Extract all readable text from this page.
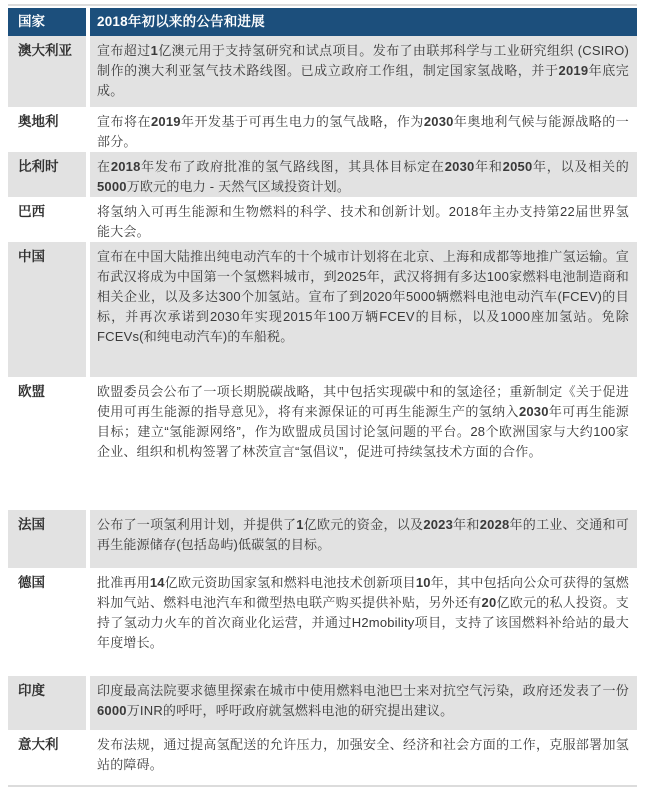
国家	2018年初以来的公告和进展
澳大利亚	宣布超过1亿澳元用于支持氢研究和试点项目。发布了由联邦科学与工业研究组织 (CSIRO) 制作的澳大利亚氢气技术路线图。已成立政府工作组，制定国家氢战略，并于2019年底完成。
奥地利	宣布将在2019年开发基于可再生电力的氢气战略，作为2030年奥地利气候与能源战略的一部分。
比利时	在2018年发布了政府批准的氢气路线图，其具体目标定在2030年和2050年，以及相关的5000万欧元的电力 - 天然气区域投资计划。
巴西	将氢纳入可再生能源和生物燃料的科学、技术和创新计划。2018年主办支持第22届世界氢能大会。
中国	宣布在中国大陆推出纯电动汽车的十个城市计划将在北京、上海和成都等地推广氢运输。宣布武汉将成为中国第一个氢燃料城市，到2025年，武汉将拥有多达100家燃料电池制造商和相关企业，以及多达300个加氢站。宣布了到2020年5000辆燃料电池电动汽车(FCEV)的目标，并再次承诺到2030年实现2015年100万辆FCEV的目标，以及1000座加氢站。免除FCEVs(和纯电动汽车)的车船税。
欧盟	欧盟委员会公布了一项长期脱碳战略，其中包括实现碳中和的氢途径；重新制定《关于促进使用可再生能源的指导意见》，将有来源保证的可再生能源生产的氢纳入2030年可再生能源目标；建立“氢能源网络”，作为欧盟成员国讨论氢问题的平台。28个欧洲国家与大约100家企业、组织和机构签署了林茨宣言“氢倡议”，促进可持续氢技术方面的合作。
法国	公布了一项氢利用计划，并提供了1亿欧元的资金，以及2023年和2028年的工业、交通和可再生能源储存(包括岛屿)低碳氢的目标。
德国	批准再用14亿欧元资助国家氢和燃料电池技术创新项目10年，其中包括向公众可获得的氢燃料加气站、燃料电池汽车和微型热电联产购买提供补贴，另外还有20亿欧元的私人投资。支持了氢动力火车的首次商业化运营，并通过H2mobility项目，支持了该国燃料补给站的最大年度增长。
印度	印度最高法院要求德里探索在城市中使用燃料电池巴士来对抗空气污染，政府还发表了一份6000万INR的呼吁，呼吁政府就氢燃料电池的研究提出建议。
意大利	发布法规，通过提高氢配送的允许压力，加强安全、经济和社会方面的工作，克服部署加氢站的障碍。
